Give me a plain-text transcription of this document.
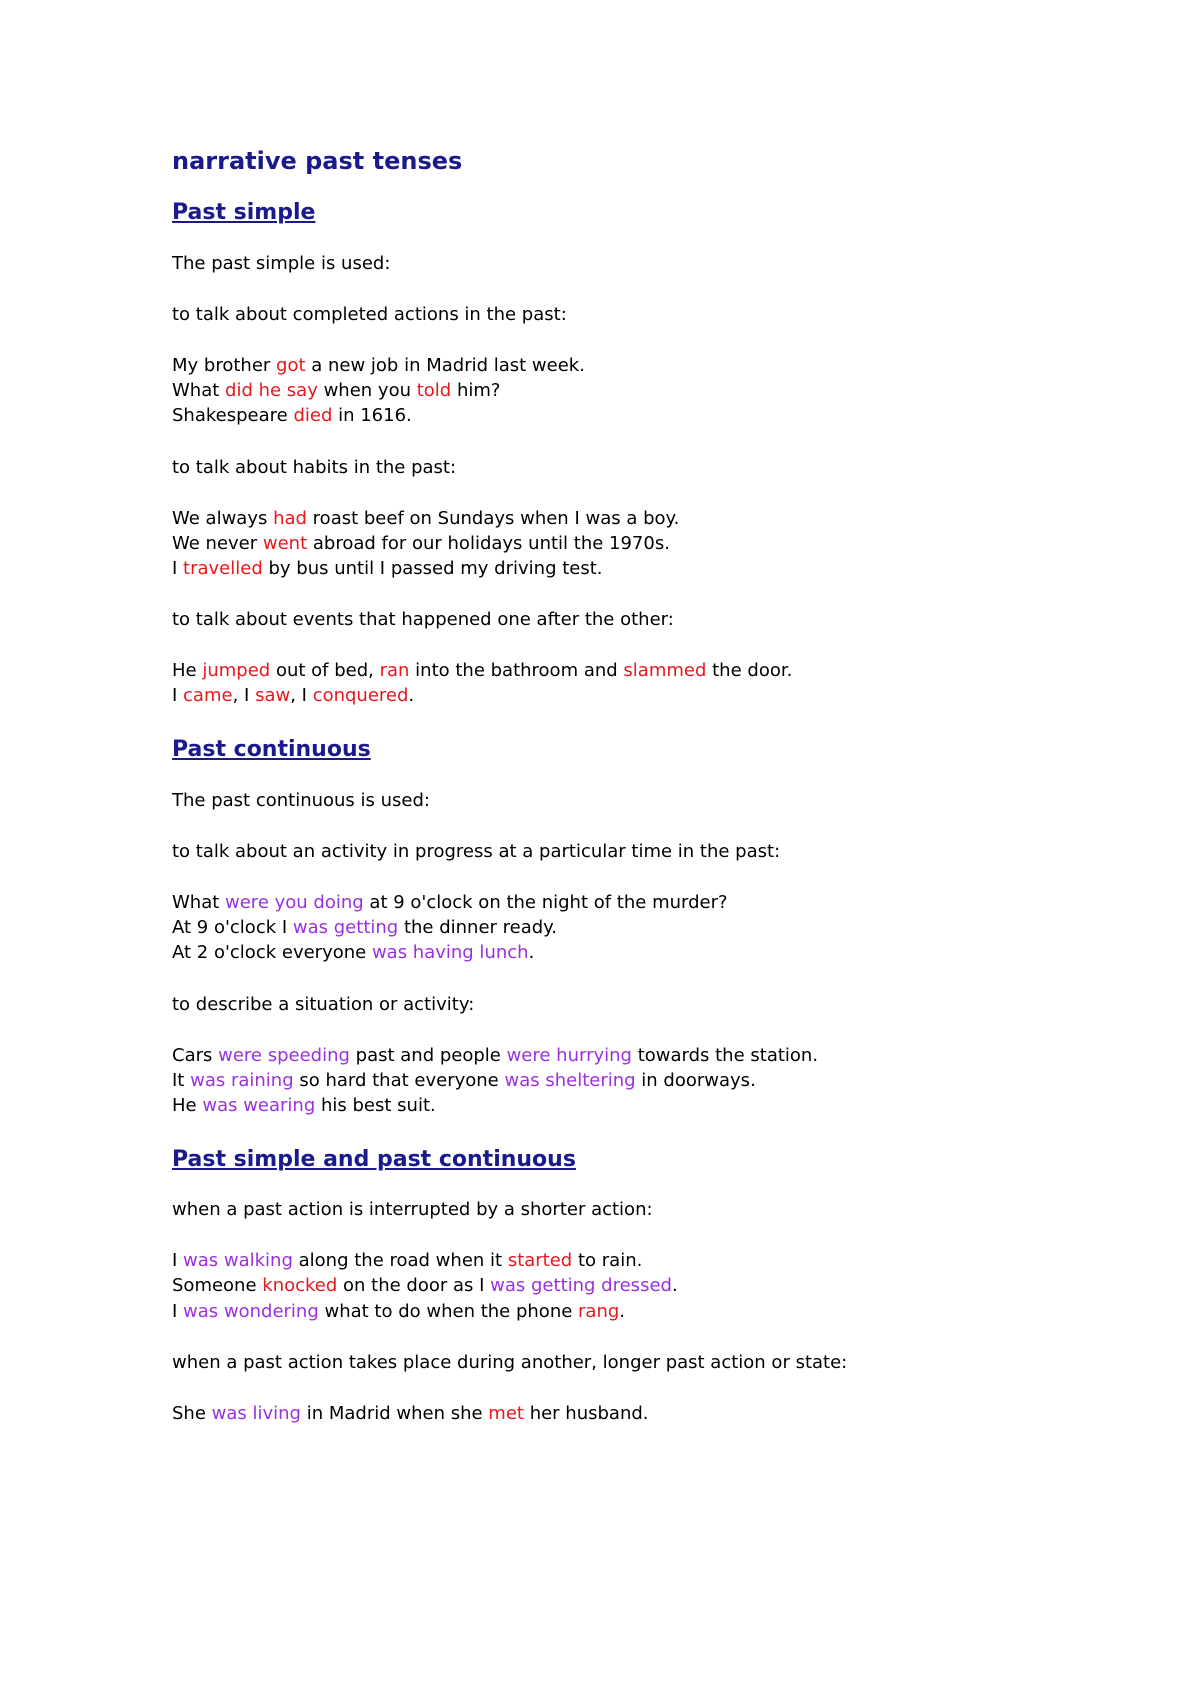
narrative past tenses
Past simple

The past simple is used:

to talk about completed actions in the past:

My brother got a new job in Madrid last week.

What did he say when you told him?

Shakespeare died in 1616.

to talk about habits in the past:

We always had roast beef on Sundays when I was a boy.

We never went abroad for our holidays until the 1970s.

I travelled by bus until I passed my driving test.

to talk about events that happened one after the other:

He jumped out of bed, ran into the bathroom and slammed the door.

I came, I saw, I conquered.

Past continuous

The past continuous is used:

to talk about an activity in progress at a particular time in the past:

What were you doing at 9 o'clock on the night of the murder?

At 9 o'clock I was getting the dinner ready.

At 2 o'clock everyone was having lunch.

to describe a situation or activity:

Cars were speeding past and people were hurrying towards the station.

It was raining so hard that everyone was sheltering in doorways.

He was wearing his best suit.

Past simple and past continuous

when a past action is interrupted by a shorter action:

I was walking along the road when it started to rain.

Someone knocked on the door as I was getting dressed.

I was wondering what to do when the phone rang.

when a past action takes place during another, longer past action or state:

She was living in Madrid when she met her husband.
